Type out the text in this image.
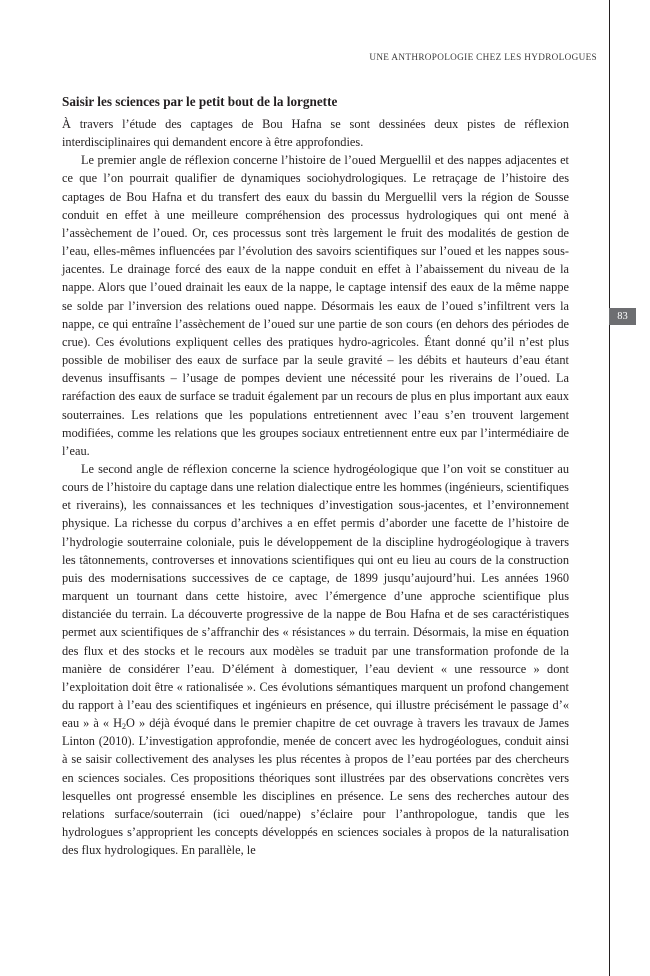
UNE ANTHROPOLOGIE CHEZ LES HYDROLOGUES
83
Saisir les sciences par le petit bout de la lorgnette

À travers l’étude des captages de Bou Hafna se sont dessinées deux pistes de réflexion interdisciplinaires qui demandent encore à être approfondies.

Le premier angle de réflexion concerne l’histoire de l’oued Merguellil et des nappes adjacentes et ce que l’on pourrait qualifier de dynamiques sociohydrologiques. Le retraçage de l’histoire des captages de Bou Hafna et du transfert des eaux du bassin du Merguellil vers la région de Sousse conduit en effet à une meilleure compréhension des processus hydrologiques qui ont mené à l’assèchement de l’oued. Or, ces processus sont très largement le fruit des modalités de gestion de l’eau, elles-mêmes influencées par l’évolution des savoirs scientifiques sur l’oued et les nappes sous-jacentes. Le drainage forcé des eaux de la nappe conduit en effet à l’abaissement du niveau de la nappe. Alors que l’oued drainait les eaux de la nappe, le captage intensif des eaux de la même nappe se solde par l’inversion des relations oued nappe. Désormais les eaux de l’oued s’infiltrent vers la nappe, ce qui entraîne l’assèchement de l’oued sur une partie de son cours (en dehors des périodes de crue). Ces évolutions expliquent celles des pratiques hydro-agricoles. Étant donné qu’il n’est plus possible de mobiliser des eaux de surface par la seule gravité – les débits et hauteurs d’eau étant devenus insuffisants – l’usage de pompes devient une nécessité pour les riverains de l’oued. La raréfaction des eaux de surface se traduit également par un recours de plus en plus important aux eaux souterraines. Les relations que les populations entretiennent avec l’eau s’en trouvent largement modifiées, comme les relations que les groupes sociaux entretiennent entre eux par l’intermédiaire de l’eau.

Le second angle de réflexion concerne la science hydrogéologique que l’on voit se constituer au cours de l’histoire du captage dans une relation dialectique entre les hommes (ingénieurs, scientifiques et riverains), les connaissances et les techniques d’investigation sous-jacentes, et l’environnement physique. La richesse du corpus d’archives a en effet permis d’aborder une facette de l’histoire de l’hydrologie souterraine coloniale, puis le développement de la discipline hydrogéologique à travers les tâtonnements, controverses et innovations scientifiques qui ont eu lieu au cours de la construction puis des modernisations successives de ce captage, de 1899 jusqu’aujourd’hui. Les années 1960 marquent un tournant dans cette histoire, avec l’émergence d’une approche scientifique plus distanciée du terrain. La découverte progressive de la nappe de Bou Hafna et de ses caractéristiques permet aux scientifiques de s’affranchir des « résistances » du terrain. Désormais, la mise en équation des flux et des stocks et le recours aux modèles se traduit par une transformation profonde de la manière de considérer l’eau. D’élément à domestiquer, l’eau devient « une ressource » dont l’exploitation doit être « rationalisée ». Ces évolutions sémantiques marquent un profond changement du rapport à l’eau des scientifiques et ingénieurs en présence, qui illustre précisément le passage d’« eau » à « $H_2O$ » déjà évoqué dans le premier chapitre de cet ouvrage à travers les travaux de James Linton (2010). L’investigation approfondie, menée de concert avec les hydrogéologues, conduit ainsi à se saisir collectivement des analyses les plus récentes à propos de l’eau portées par des chercheurs en sciences sociales. Ces propositions théoriques sont illustrées par des observations concrètes vers lesquelles ont progressé ensemble les disciplines en présence. Le sens des recherches autour des relations surface/souterrain (ici oued/nappe) s’éclaire pour l’anthropologue, tandis que les hydrologues s’approprient les concepts développés en sciences sociales à propos de la naturalisation des flux hydrologiques. En parallèle, le
